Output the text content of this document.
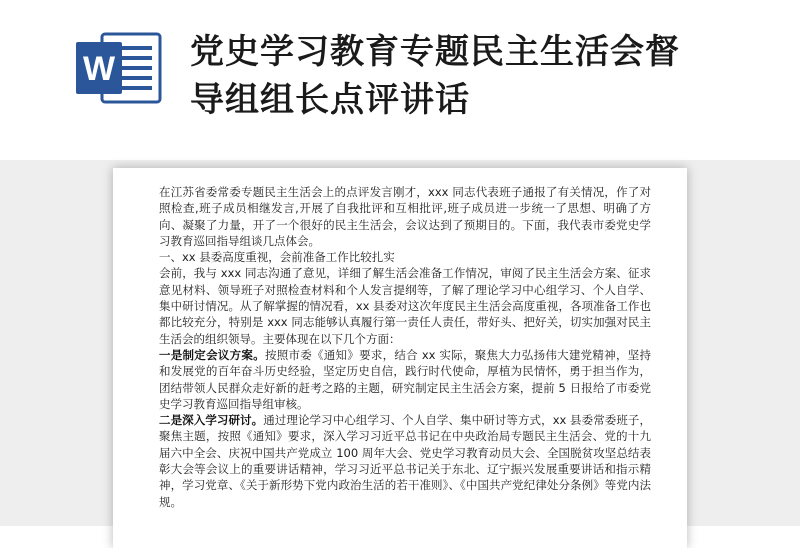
W 党史学习教育专题民主生活会督
导组组长点评讲话

在江苏省委常委专题民主生活会上的点评发言刚才，xxx 同志代表班子通报了有关情况，作了对照检查,班子成员相继发言,开展了自我批评和互相批评,班子成员进一步统一了思想、明确了方向、凝聚了力量，开了一个很好的民主生活会，会议达到了预期目的。下面，我代表市委党史学习教育巡回指导组谈几点体会。

一、xx 县委高度重视，会前准备工作比较扎实

会前，我与 xxx 同志沟通了意见，详细了解生活会准备工作情况，审阅了民主生活会方案、征求意见材料、领导班子对照检查材料和个人发言提纲等，了解了理论学习中心组学习、个人自学、集中研讨情况。从了解掌握的情况看，xx 县委对这次年度民主生活会高度重视，各项准备工作也都比较充分，特别是 xxx 同志能够认真履行第一责任人责任，带好头、把好关，切实加强对民主生活会的组织领导。主要体现在以下几个方面：

一是制定会议方案。按照市委《通知》要求，结合 xx 实际，聚焦大力弘扬伟大建党精神，坚持和发展党的百年奋斗历史经验，坚定历史自信，践行时代使命，厚植为民情怀，勇于担当作为，团结带领人民群众走好新的赶考之路的主题，研究制定民主生活会方案，提前 5 日报给了市委党史学习教育巡回指导组审核。

二是深入学习研讨。通过理论学习中心组学习、个人自学、集中研讨等方式，xx 县委常委班子，聚焦主题，按照《通知》要求，深入学习习近平总书记在中央政治局专题民主生活会、党的十九届六中全会、庆祝中国共产党成立 100 周年大会、党史学习教育动员大会、全国脱贫攻坚总结表彰大会等会议上的重要讲话精神，学习习近平总书记关于东北、辽宁振兴发展重要讲话和指示精神，学习党章、《关于新形势下党内政治生活的若干准则》、《中国共产党纪律处分条例》等党内法规。
